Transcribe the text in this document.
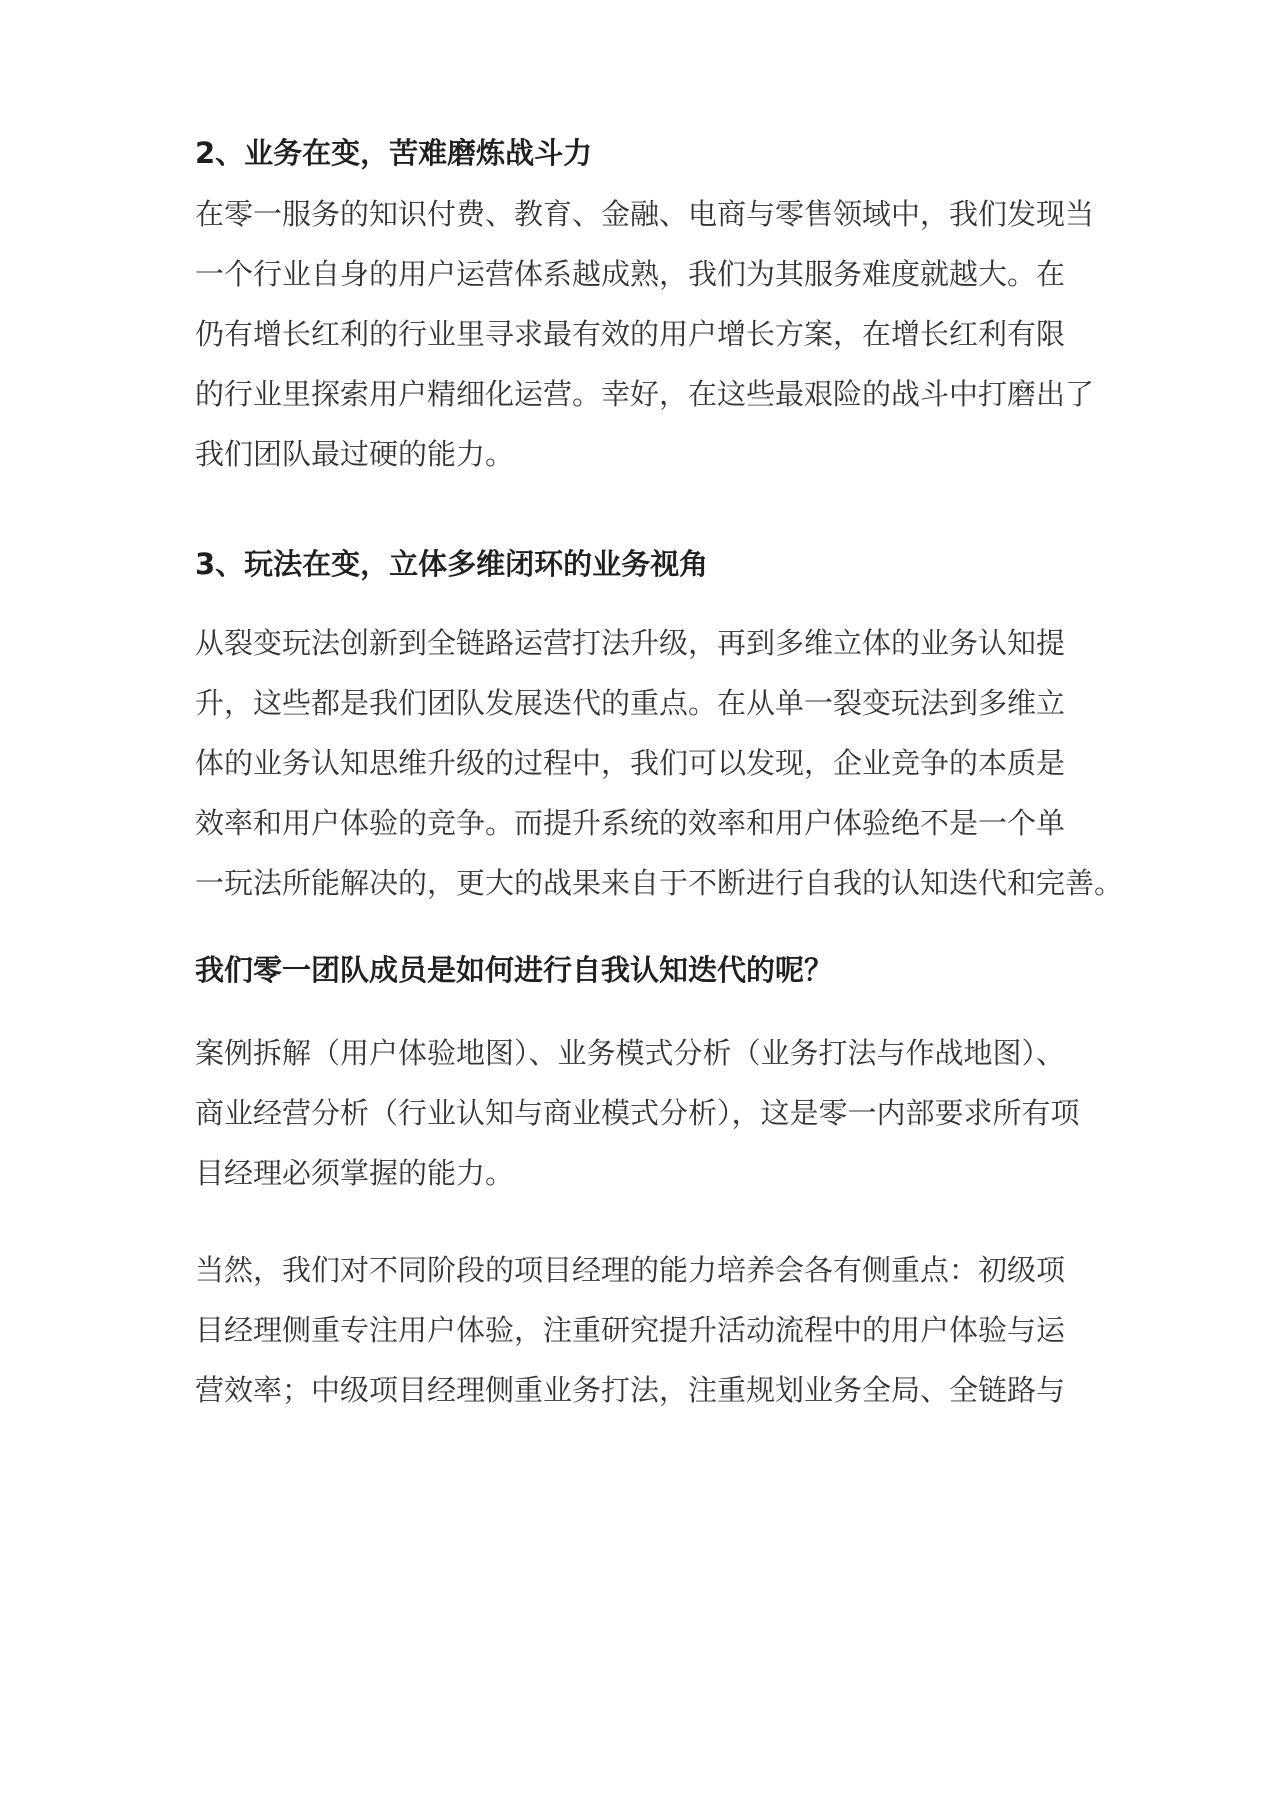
2、业务在变，苦难磨炼战斗力
在零一服务的知识付费、教育、金融、电商与零售领域中，我们发现当
一个行业自身的用户运营体系越成熟，我们为其服务难度就越大。在
仍有增长红利的行业里寻求最有效的用户增长方案，在增长红利有限
的行业里探索用户精细化运营。幸好，在这些最艰险的战斗中打磨出了
我们团队最过硬的能力。
3、玩法在变，立体多维闭环的业务视角
从裂变玩法创新到全链路运营打法升级，再到多维立体的业务认知提
升，这些都是我们团队发展迭代的重点。在从单一裂变玩法到多维立
体的业务认知思维升级的过程中，我们可以发现，企业竞争的本质是
效率和用户体验的竞争。而提升系统的效率和用户体验绝不是一个单
一玩法所能解决的，更大的战果来自于不断进行自我的认知迭代和完善。
我们零一团队成员是如何进行自我认知迭代的呢？
案例拆解（用户体验地图）、业务模式分析（业务打法与作战地图）、
商业经营分析（行业认知与商业模式分析），这是零一内部要求所有项
目经理必须掌握的能力。
当然，我们对不同阶段的项目经理的能力培养会各有侧重点：初级项
目经理侧重专注用户体验，注重研究提升活动流程中的用户体验与运
营效率；中级项目经理侧重业务打法，注重规划业务全局、全链路与
